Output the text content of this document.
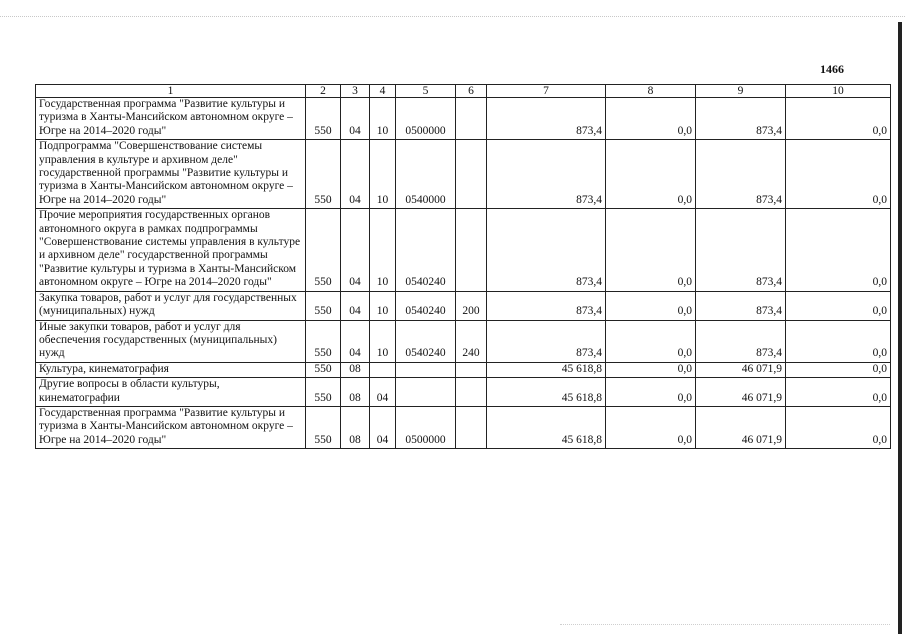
1466
1	2	3	4	5	6	7	8	9	10
Государственная программа "Развитие культуры и туризма в Ханты-Мансийском автономном округе – Югре на 2014–2020 годы"	550	04	10	0500000		873,4	0,0	873,4	0,0
Подпрограмма "Совершенствование системы управления в культуре и архивном деле" государственной программы "Развитие культуры и туризма в Ханты-Мансийском автономном округе – Югре на 2014–2020 годы"	550	04	10	0540000		873,4	0,0	873,4	0,0
Прочие мероприятия государственных органов автономного округа в рамках подпрограммы "Совершенствование системы управления в культуре и архивном деле" государственной программы "Развитие культуры и туризма в Ханты-Мансийском автономном округе – Югре на 2014–2020 годы"	550	04	10	0540240		873,4	0,0	873,4	0,0
Закупка товаров, работ и услуг для государственных (муниципальных) нужд	550	04	10	0540240	200	873,4	0,0	873,4	0,0
Иные закупки товаров, работ и услуг для обеспечения государственных (муниципальных) нужд	550	04	10	0540240	240	873,4	0,0	873,4	0,0
Культура, кинематография	550	08				45 618,8	0,0	46 071,9	0,0
Другие вопросы в области культуры, кинематографии	550	08	04			45 618,8	0,0	46 071,9	0,0
Государственная программа "Развитие культуры и туризма в Ханты-Мансийском автономном округе – Югре на 2014–2020 годы"	550	08	04	0500000		45 618,8	0,0	46 071,9	0,0
